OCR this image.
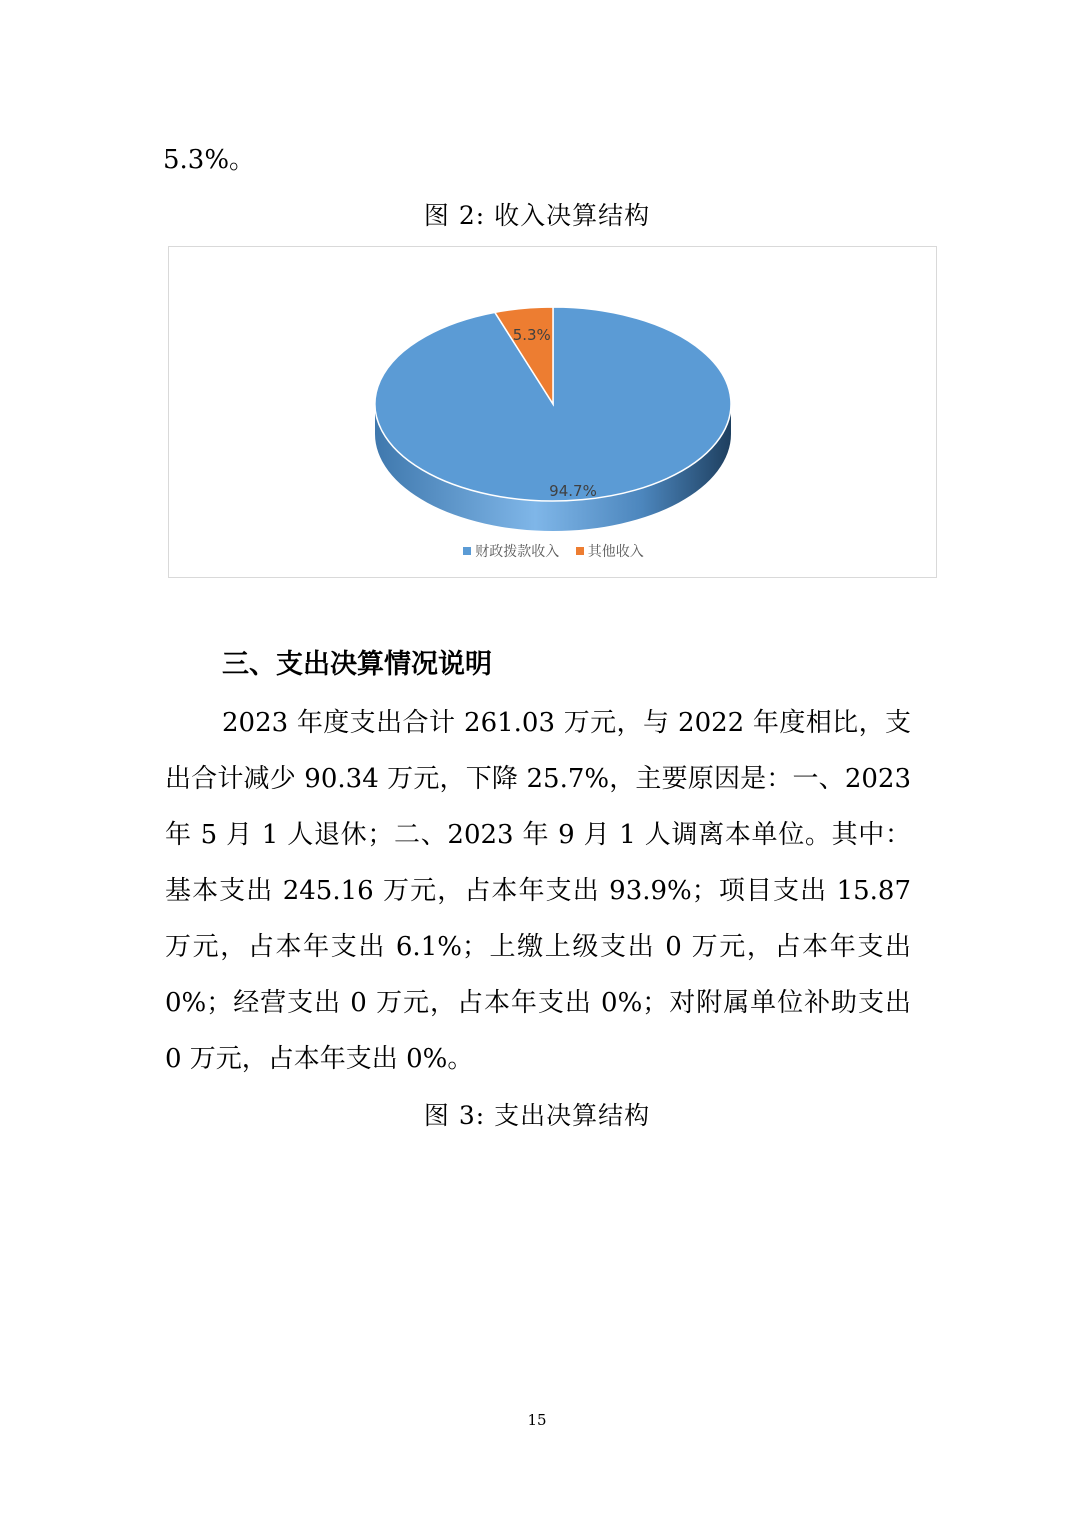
5.3%。
图 2: 收入决算结构
94.7%
5.3%
财政拨款收入 其他收入
三、支出决算情况说明
2023 年度支出合计 261.03 万元，与 2022 年度相比，支
出合计减少 90.34 万元，下降 25.7%，主要原因是：一、2023
年 5 月 1 人退休；二、2023 年 9 月 1 人调离本单位。其中：
基本支出 245.16 万元，占本年支出 93.9%；项目支出 15.87
万元，占本年支出 6.1%；上缴上级支出 0 万元，占本年支出
0%；经营支出 0 万元，占本年支出 0%；对附属单位补助支出
0 万元，占本年支出 0%。
图 3: 支出决算结构
15
